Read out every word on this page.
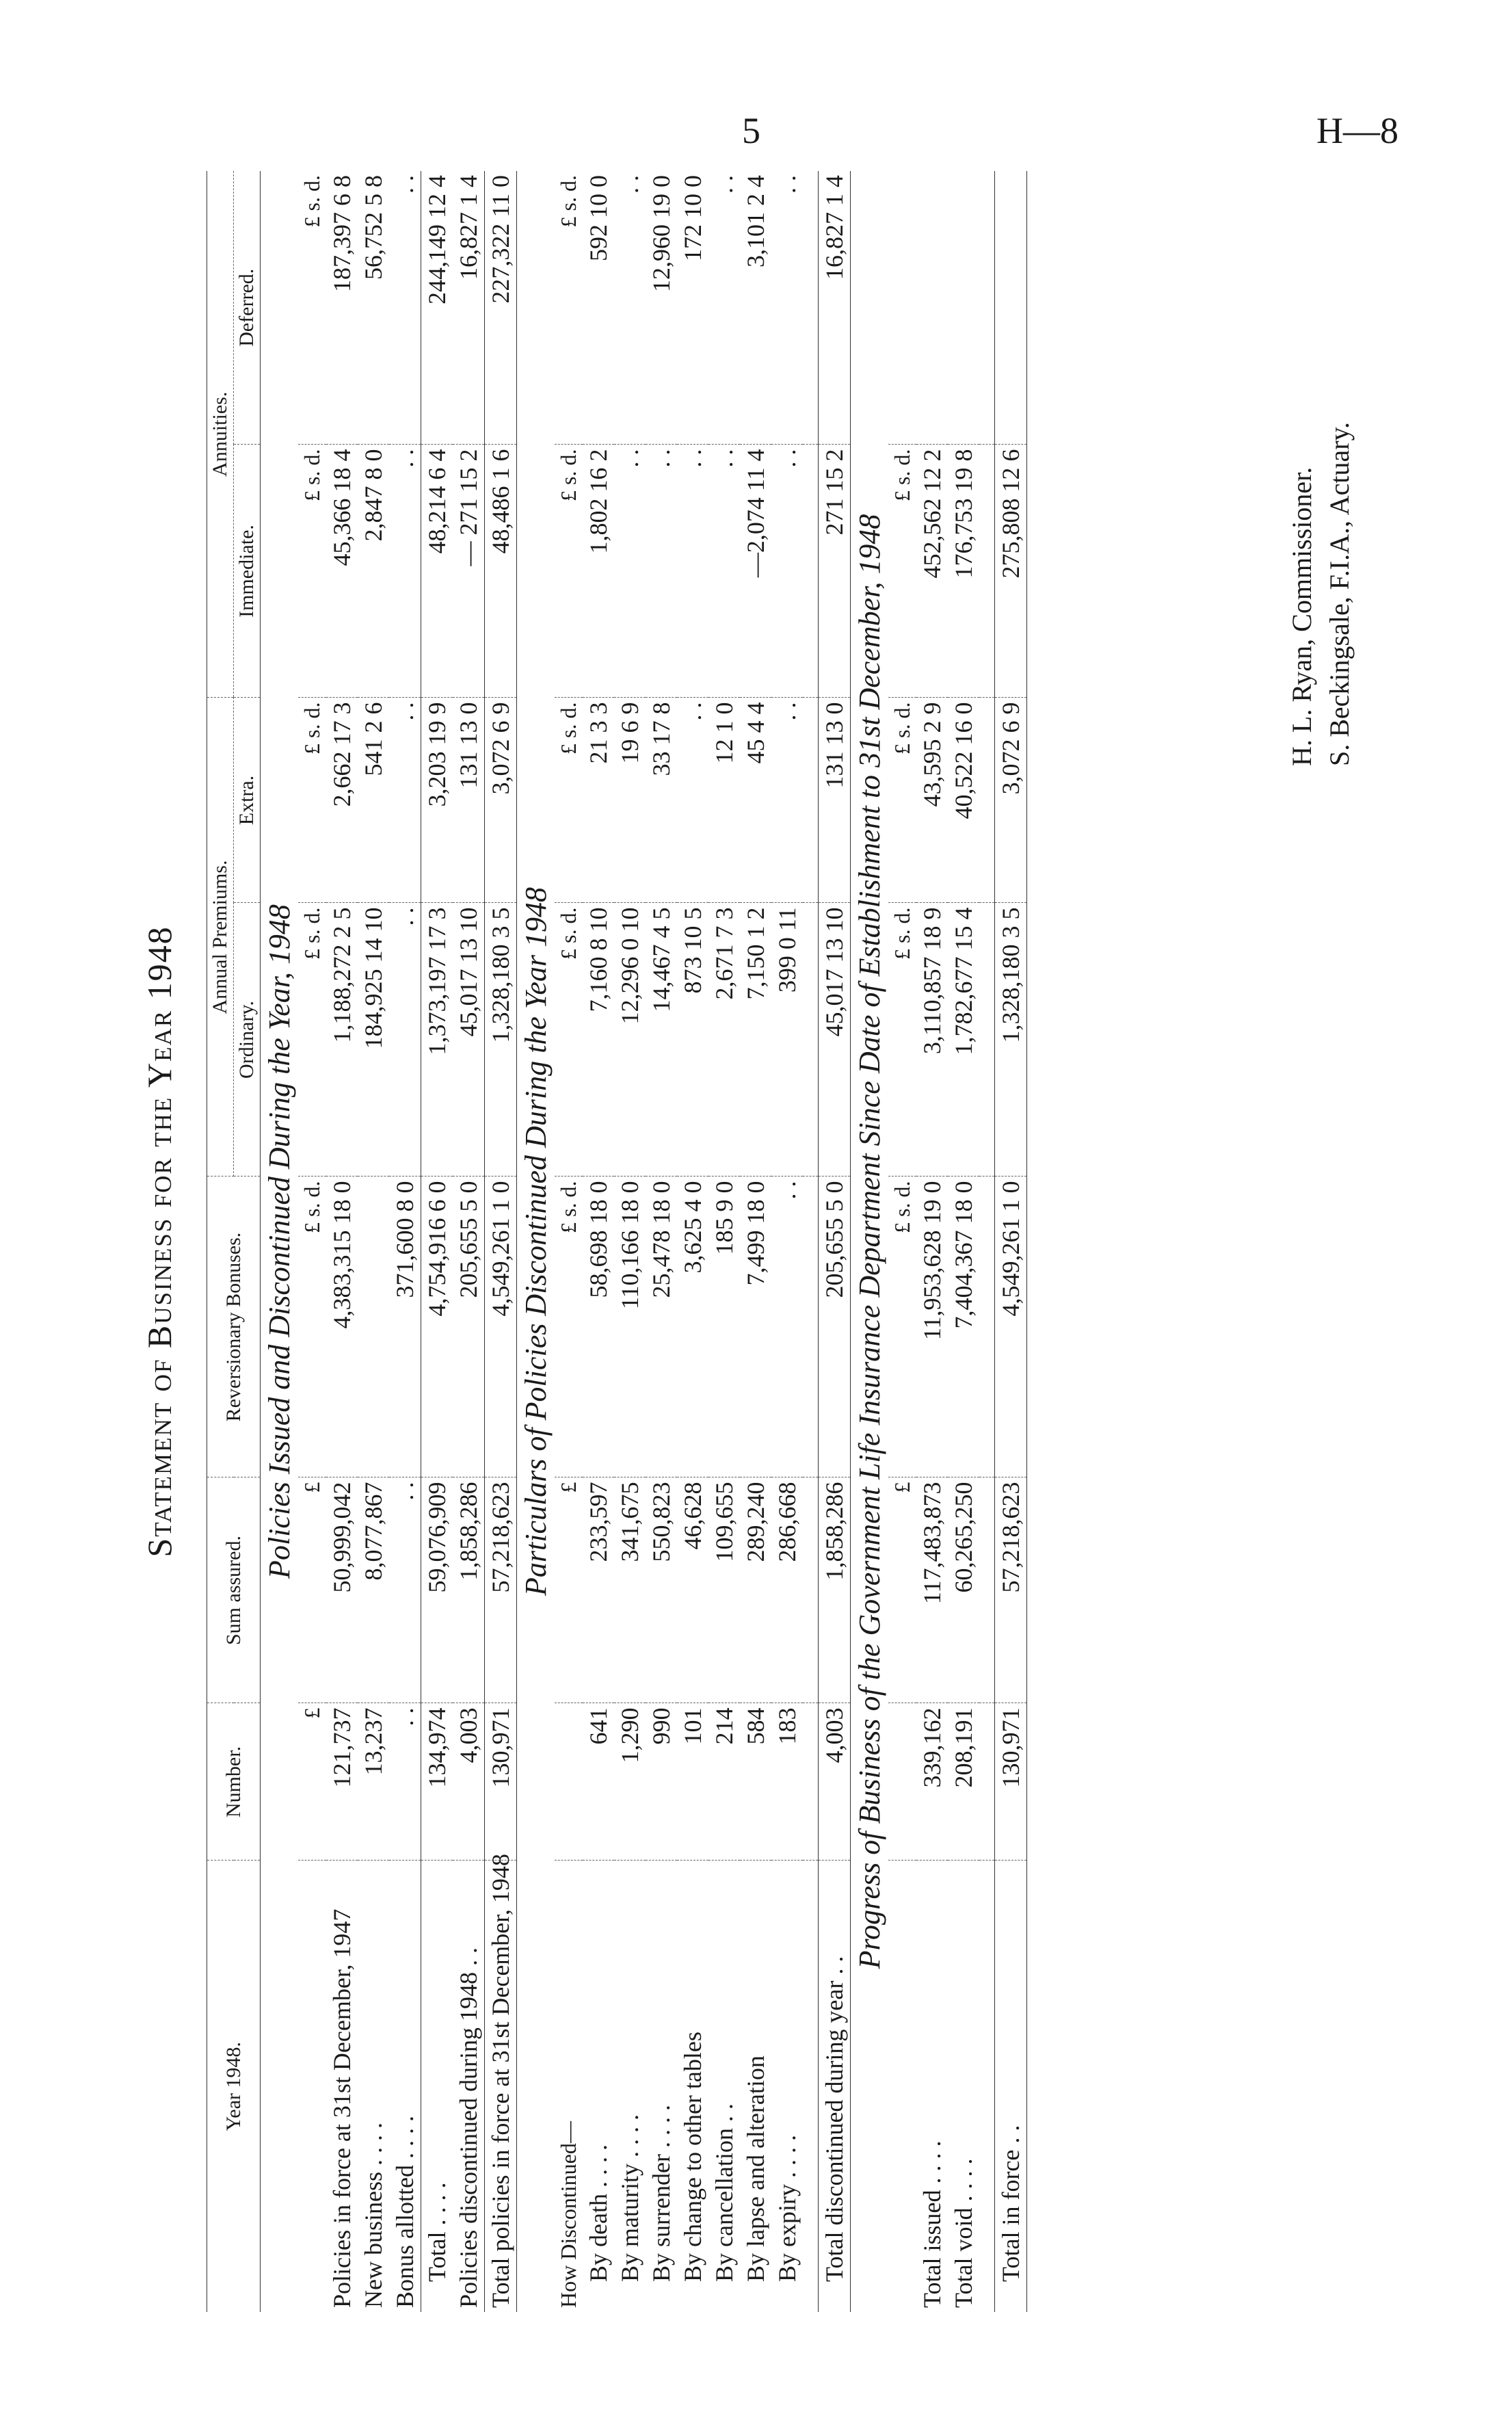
5	H—8
Statement of Business for the Year 1948
Year 1948.	Number.	Sum assured.	Reversionary Bonuses.	Annual Premiums.		Annuities.	
				Ordinary.	Extra.	Immediate.	Deferred.
Policies Issued and Discontinued During the Year, 1948							
	£	£	£ s. d.	£ s. d.	£ s. d.	£ s. d.	£ s. d.
Policies in force at 31st December, 1947	121,737	50,999,042	4,383,315 18 0	1,188,272 2 5	2,662 17 3	45,366 18 4	187,397 6 8
New business . . . .	13,237	8,077,867		184,925 14 10	541 2 6	2,847 8 0	56,752 5 8
Bonus allotted . . . .	. .	. .	371,600 8 0	. .	. .	. .	. .
Total . . . .	134,974	59,076,909	4,754,916 6 0	1,373,197 17 3	3,203 19 9	48,214 6 4	244,149 12 4
Policies discontinued during 1948 . .	4,003	1,858,286	205,655 5 0	45,017 13 10	131 13 0	— 271 15 2	16,827 1 4
Total policies in force at 31st December, 1948	130,971	57,218,623	4,549,261 1 0	1,328,180 3 5	3,072 6 9	48,486 1 6	227,322 11 0
Particulars of Policies Discontinued During the Year 1948							
How Discontinued—		£	£ s. d.	£ s. d.	£ s. d.	£ s. d.	£ s. d.
By death . . . .	641	233,597	58,698 18 0	7,160 8 10	21 3 3	1,802 16 2	592 10 0
By maturity . . . .	1,290	341,675	110,166 18 0	12,296 0 10	19 6 9	. .	. .
By surrender . . . .	990	550,823	25,478 18 0	14,467 4 5	33 17 8	. .	12,960 19 0
By change to other tables	101	46,628	3,625 4 0	873 10 5	. .	. .	172 10 0
By cancellation . .	214	109,655	185 9 0	2,671 7 3	12 1 0	. .	. .
By lapse and alteration	584	289,240	7,499 18 0	7,150 1 2	45 4 4	—2,074 11 4	3,101 2 4
By expiry . . . .	183	286,668	. .	399 0 11	. .	. .	. .

Total discontinued during year . .	4,003	1,858,286	205,655 5 0	45,017 13 10	131 13 0	271 15 2	16,827 1 4
Progress of Business of the Government Life Insurance Department Since Date of Establishment to 31st December, 1948							
		£	£ s. d.	£ s. d.	£ s. d.	£ s. d.	
Total issued . . . .	339,162	117,483,873	11,953,628 19 0	3,110,857 18 9	43,595 2 9	452,562 12 2	
Total void . . . .	208,191	60,265,250	7,404,367 18 0	1,782,677 15 4	40,522 16 0	176,753 19 8	

Total in force . .	130,971	57,218,623	4,549,261 1 0	1,328,180 3 5	3,072 6 9	275,808 12 6		H. L. Ryan, Commissioner. S. Beckingsale, F.I.A., Actuary.
